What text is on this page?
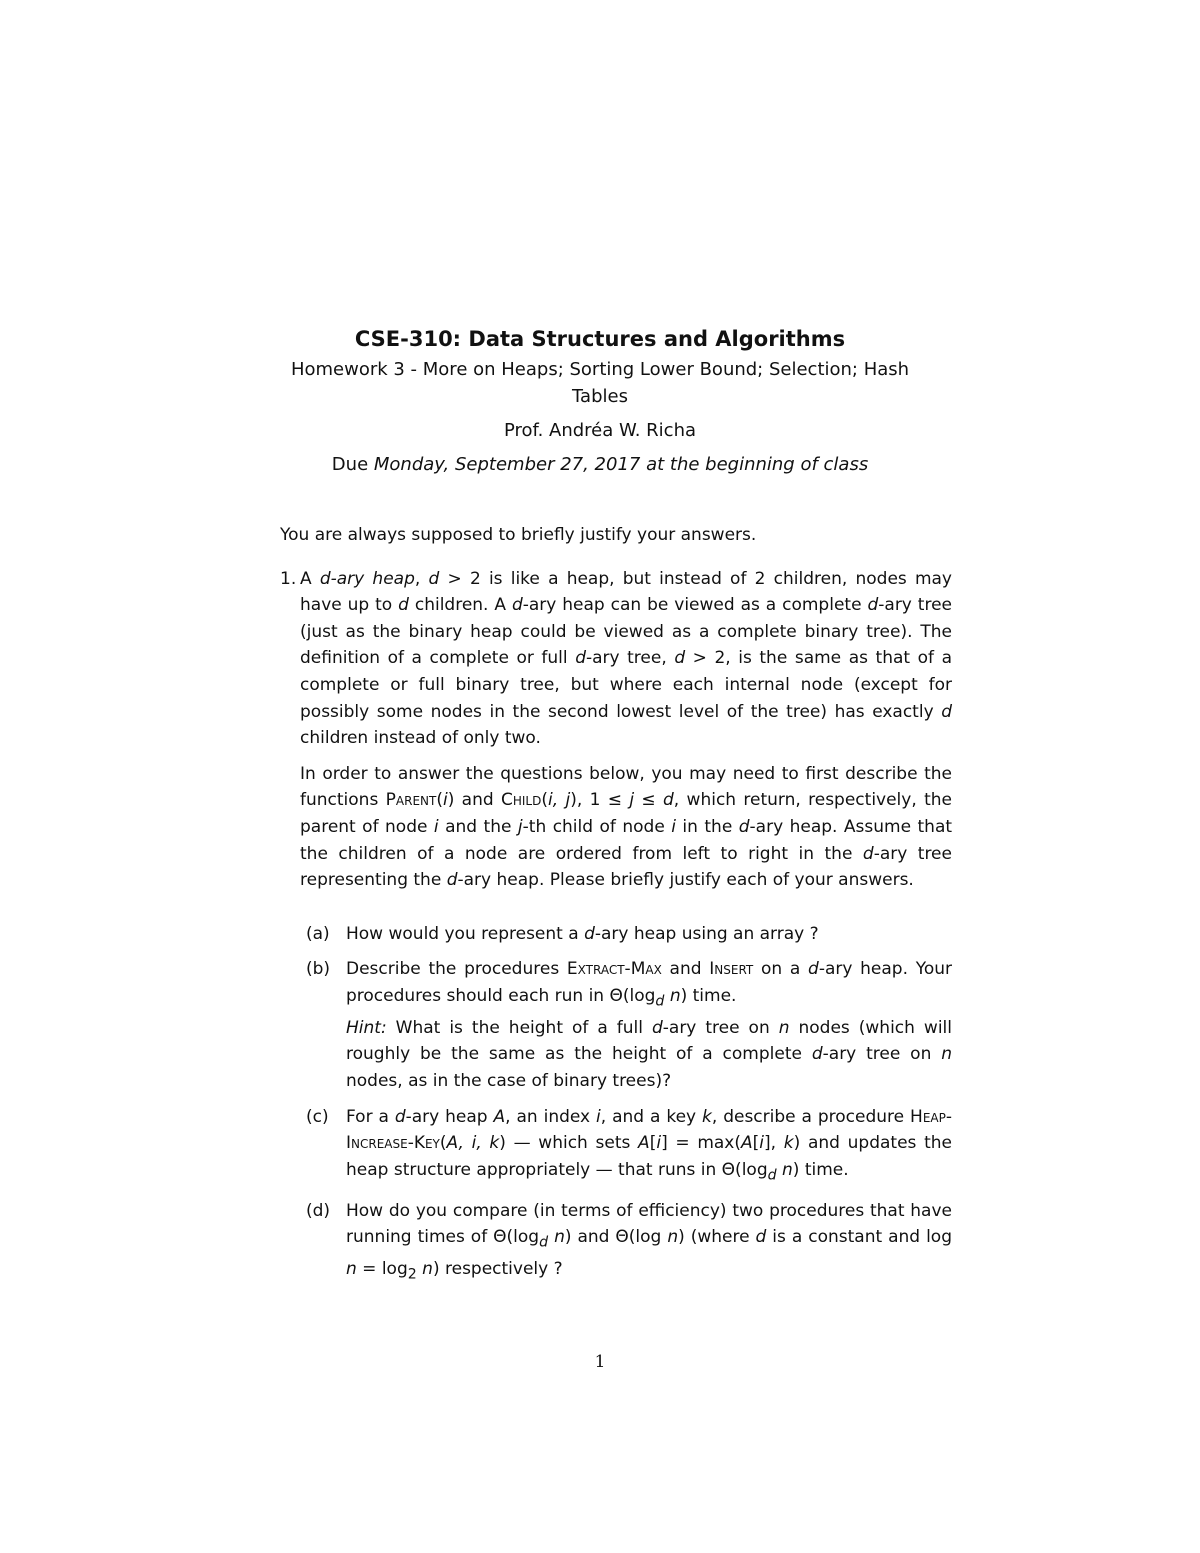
CSE-310: Data Structures and Algorithms
Homework 3 - More on Heaps; Sorting Lower Bound; Selection; Hash
Tables
Prof. Andréa W. Richa
Due Monday, September 27, 2017 at the beginning of class

You are always supposed to briefly justify your answers.

1. A d-ary heap, d > 2 is like a heap, but instead of 2 children, nodes may have up to d children. A d-ary heap can be viewed as a complete d-ary tree (just as the binary heap could be viewed as a complete binary tree). The definition of a complete or full d-ary tree, d > 2, is the same as that of a complete or full binary tree, but where each internal node (except for possibly some nodes in the second lowest level of the tree) has exactly d children instead of only two.

In order to answer the questions below, you may need to first describe the functions Parent(i) and Child(i, j), 1 ≤ j ≤ d, which return, respectively, the parent of node i and the j-th child of node i in the d-ary heap. Assume that the children of a node are ordered from left to right in the d-ary tree representing the d-ary heap. Please briefly justify each of your answers.

(a) How would you represent a d-ary heap using an array ?
(b) Describe the procedures Extract-Max and Insert on a d-ary heap. Your procedures should each run in $\Theta(\log_d$ n) time.
Hint: What is the height of a full d-ary tree on n nodes (which will roughly be the same as the height of a complete d-ary tree on n nodes, as in the case of binary trees)?
(c)	For a d-ary heap A, an index i, and a key k, describe a procedure Heap-Increase-Key(A, i, k) — which sets A[i] = max(A[i], k) and updates the heap structure appropriately — that runs in $\Theta(\log_d$ n) time.
(d) How do you compare (in terms of efficiency) two procedures that have running times of $\Theta(\log_d$ n) and Θ(log n) (where d is a constant and $\log n = \log_2 n$) respectively ?
1
